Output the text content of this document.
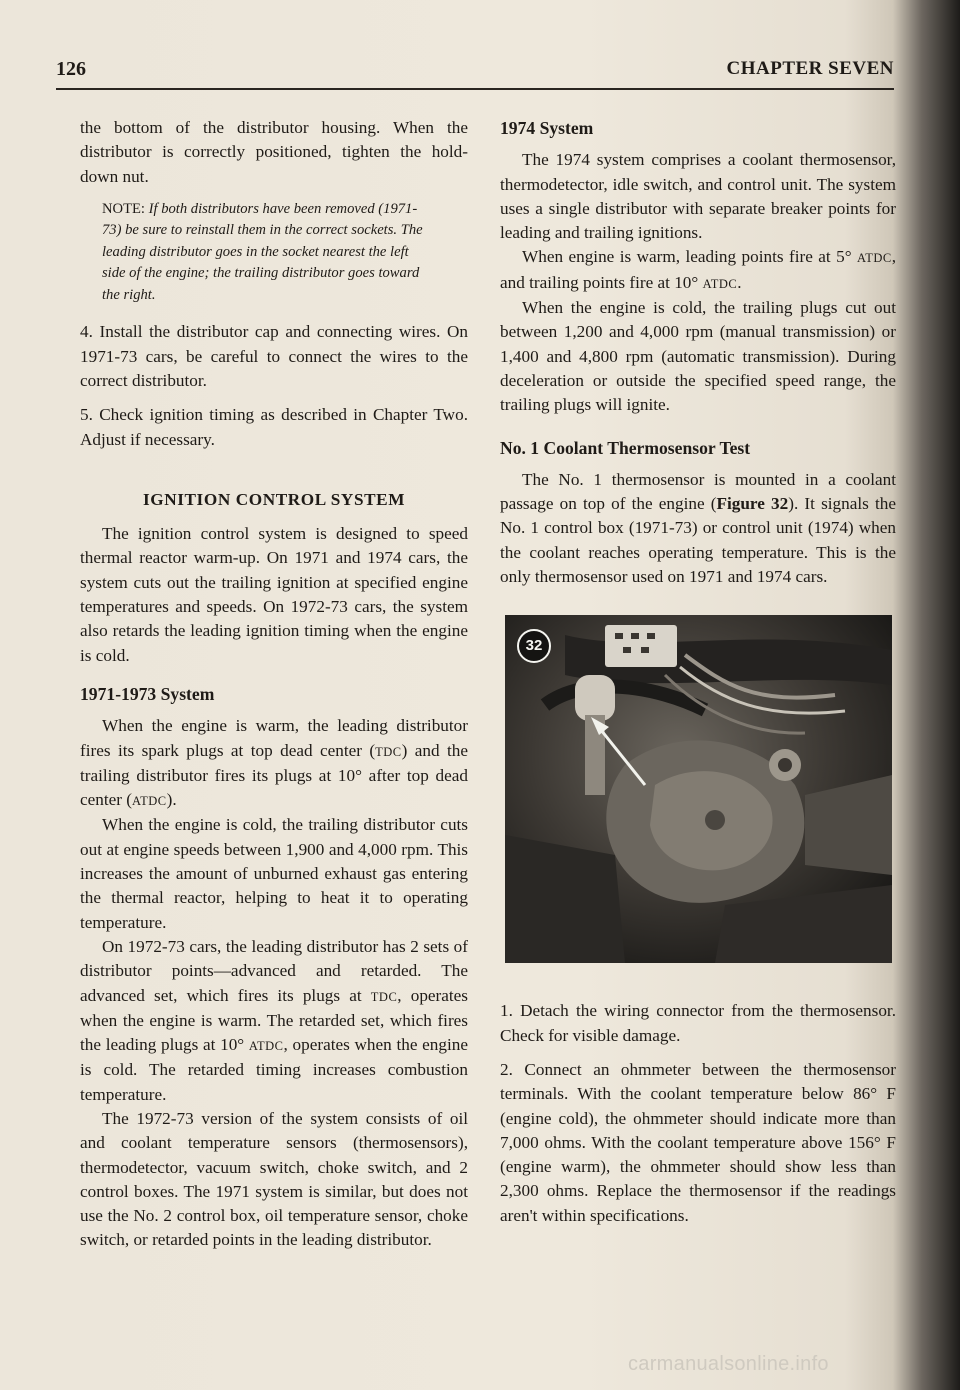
126	CHAPTER SEVEN

the bottom of the distributor housing. When the distributor is correctly positioned, tighten the hold-down nut.

NOTE: If both distributors have been removed (1971-73) be sure to reinstall them in the correct sockets. The leading distributor goes in the socket nearest the left side of the engine; the trailing distributor goes toward the right.

4. Install the distributor cap and connecting wires. On 1971-73 cars, be careful to connect the wires to the correct distributor.

5. Check ignition timing as described in Chapter Two. Adjust if necessary.

IGNITION CONTROL SYSTEM

The ignition control system is designed to speed thermal reactor warm-up. On 1971 and 1974 cars, the system cuts out the trailing ignition at specified engine temperatures and speeds. On 1972-73 cars, the system also retards the leading ignition timing when the engine is cold.

1971-1973 System

When the engine is warm, the leading distributor fires its spark plugs at top dead center (TDC) and the trailing distributor fires its plugs at 10° after top dead center (ATDC).

When the engine is cold, the trailing distributor cuts out at engine speeds between 1,900 and 4,000 rpm. This increases the amount of unburned exhaust gas entering the thermal reactor, helping to heat it to operating temperature.

On 1972-73 cars, the leading distributor has 2 sets of distributor points—advanced and retarded. The advanced set, which fires its plugs at TDC, operates when the engine is warm. The retarded set, which fires the leading plugs at 10° ATDC, operates when the engine is cold. The retarded timing increases combustion temperature.

The 1972-73 version of the system consists of oil and coolant temperature sensors (thermosensors), thermodetector, vacuum switch, choke switch, and 2 control boxes. The 1971 system is similar, but does not use the No. 2 control box, oil temperature sensor, choke switch, or retarded points in the leading distributor.

1974 System

The 1974 system comprises a coolant thermosensor, thermodetector, idle switch, and control unit. The system uses a single distributor with separate breaker points for leading and trailing ignitions.

When engine is warm, leading points fire at 5° ATDC, and trailing points fire at 10° ATDC.

When the engine is cold, the trailing plugs cut out between 1,200 and 4,000 rpm (manual transmission) or 1,400 and 4,800 rpm (automatic transmission). During deceleration or outside the specified speed range, the trailing plugs will ignite.

No. 1 Coolant Thermosensor Test

The No. 1 thermosensor is mounted in a coolant passage on top of the engine (Figure 32). It signals the No. 1 control box (1971-73) or control unit (1974) when the coolant reaches operating temperature. This is the only thermosensor used on 1971 and 1974 cars.

32

1. Detach the wiring connector from the thermosensor. Check for visible damage.

2. Connect an ohmmeter between the thermosensor terminals. With the coolant temperature below 86° F (engine cold), the ohmmeter should indicate more than 7,000 ohms. With the coolant temperature above 156° F (engine warm), the ohmmeter should show less than 2,300 ohms. Replace the thermosensor if the readings aren't within specifications.

carmanualsonline.info
